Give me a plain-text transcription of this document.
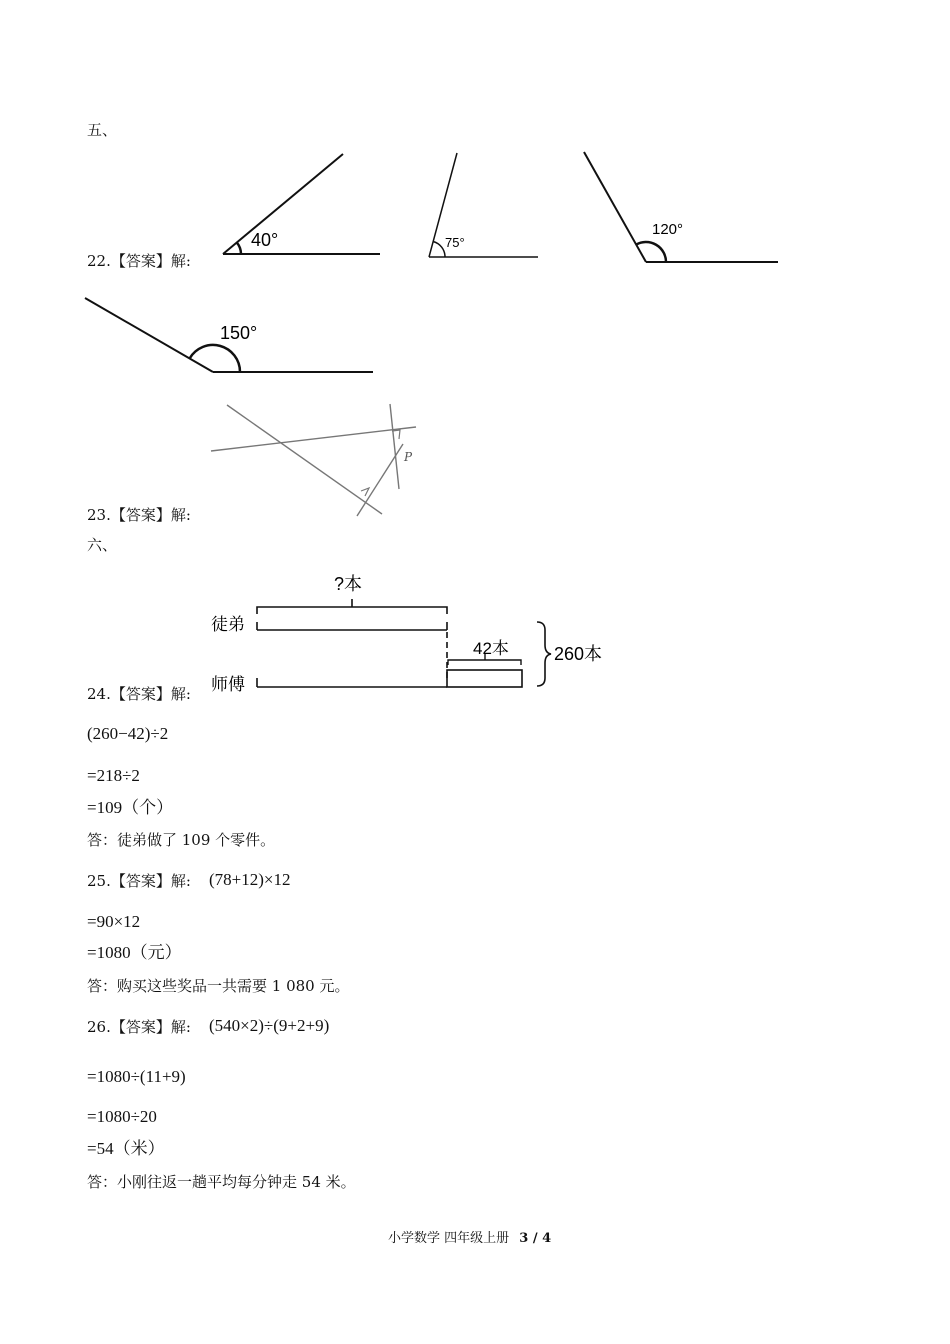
五、
22.【答案】解:
40°	75°
120°
150°
P
23.【答案】解:
六、
?本
徒弟
42本	260本
师傅
24.【答案】解:
(260−42)÷2
=218÷2
=109（个）
答：徒弟做了 109 个零件。
25.【答案】解: (78+12)×12
=90×12
=1080（元）
答：购买这些奖品一共需要 1 080 元。
26.【答案】解: (540×2)÷(9+2+9)
=1080÷(11+9)
=1080÷20
=54（米）
答：小刚往返一趟平均每分钟走 54 米。
小学数学 四年级上册 3 / 4
